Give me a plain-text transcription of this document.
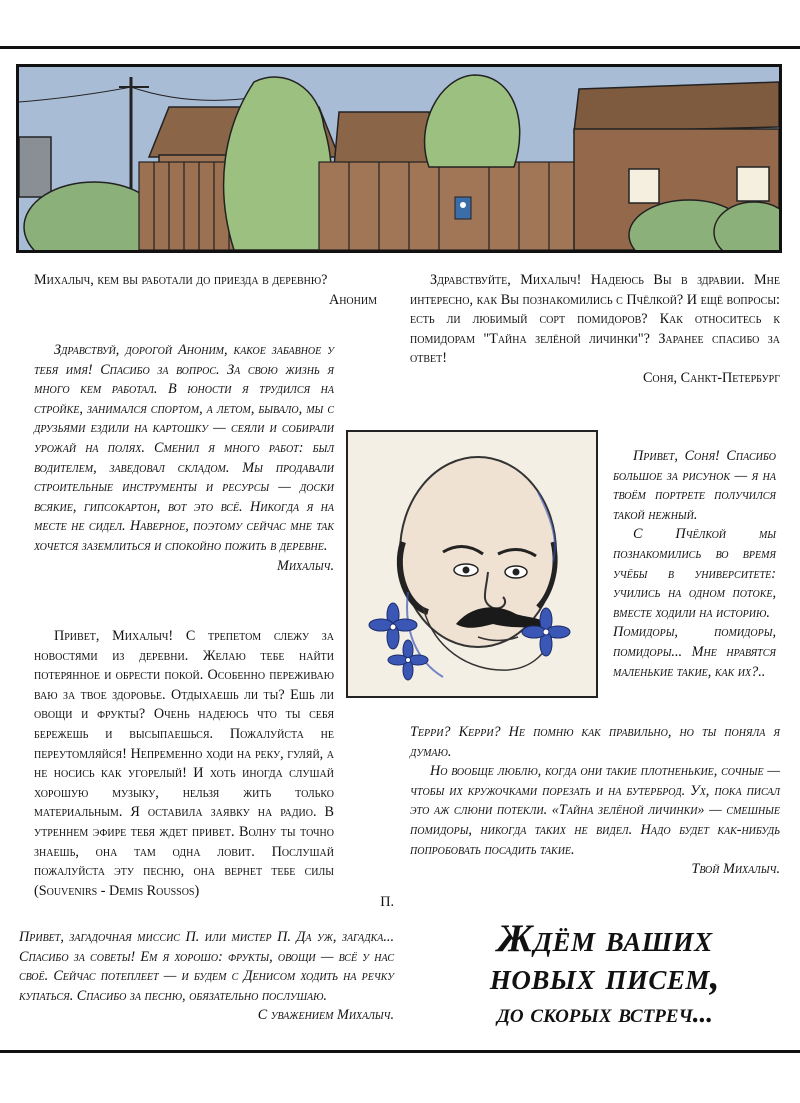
Михалыч, кем вы работали до приезда в деревню?

Аноним

Здравствуй, дорогой Аноним, какое забавное у тебя имя! Спасибо за вопрос. За свою жизнь я много кем работал. В юности я трудился на стройке, занимался спортом, а летом, бывало, мы с друзьями ездили на картошку — сеяли и собирали урожай на полях. Сменил я много работ: был водителем, заведовал складом. Мы продавали строительные инструменты и ресурсы — доски всякие, гипсокартон, вот это всё. Никогда я на месте не сидел. Наверное, поэтому сейчас мне так хочется заземлиться и спокойно пожить в деревне.

Михалыч.

Привет, Михалыч! С трепетом слежу за новостями из деревни. Желаю тебе найти потерянное и обрести покой. Особенно переживаю ваю за твое здоровье. Отдыхаешь ли ты? Ешь ли овощи и фрукты? Очень надеюсь что ты себя бережешь и высыпаешься. Пожалуйста не переутомляйся! Непременно ходи на реку, гуляй, а не носись как угорелый! И хоть иногда слушай хорошую музыку, нельзя жить только материальным. Я оставила заявку на радио. В утреннем эфире тебя ждет привет. Волну ты точно знаешь, она там одна ловит. Послушай пожалуйста эту песню, она вернет тебе силы (Souvenirs - Demis Roussos)

П.

Привет, загадочная миссис П. или мистер П. Да уж, загадка... Спасибо за советы! Ем я хорошо: фрукты, овощи — всё у нас своё. Сейчас потеплеет — и будем с Денисом ходить на речку купаться. Спасибо за песню, обязательно послушаю.

С уважением Михалыч.

Здравствуйте, Михалыч! Надеюсь Вы в здравии. Мне интересно, как Вы познакомились с Пчёлкой? И ещё вопросы: есть ли любимый сорт помидоров? Как относитесь к помидорам "Тайна зелёной личинки"? Заранее спасибо за ответ!

Соня, Санкт-Петербург

Привет, Соня! Спасибо большое за рисунок — я на твоём портрете получился такой нежный.

С Пчёлкой мы познакомились во время учёбы в университете: учились на одном потоке, вместе ходили на историю.

Помидоры, помидоры, помидоры... Мне нравятся маленькие такие, как их?..

Терри? Керри? Не помню как правильно, но ты поняла я думаю.

Но вообще люблю, когда они такие плотненькие, сочные — чтобы их кружочками порезать и на бутерброд. Ух, пока писал это аж слюни потекли. «Тайна зелёной личинки» — смешные помидоры, никогда таких не видел. Надо будет как-нибудь попробовать посадить такие.

Твой Михалыч.

Ждём ваших
новых писем,
до скорых встреч...
